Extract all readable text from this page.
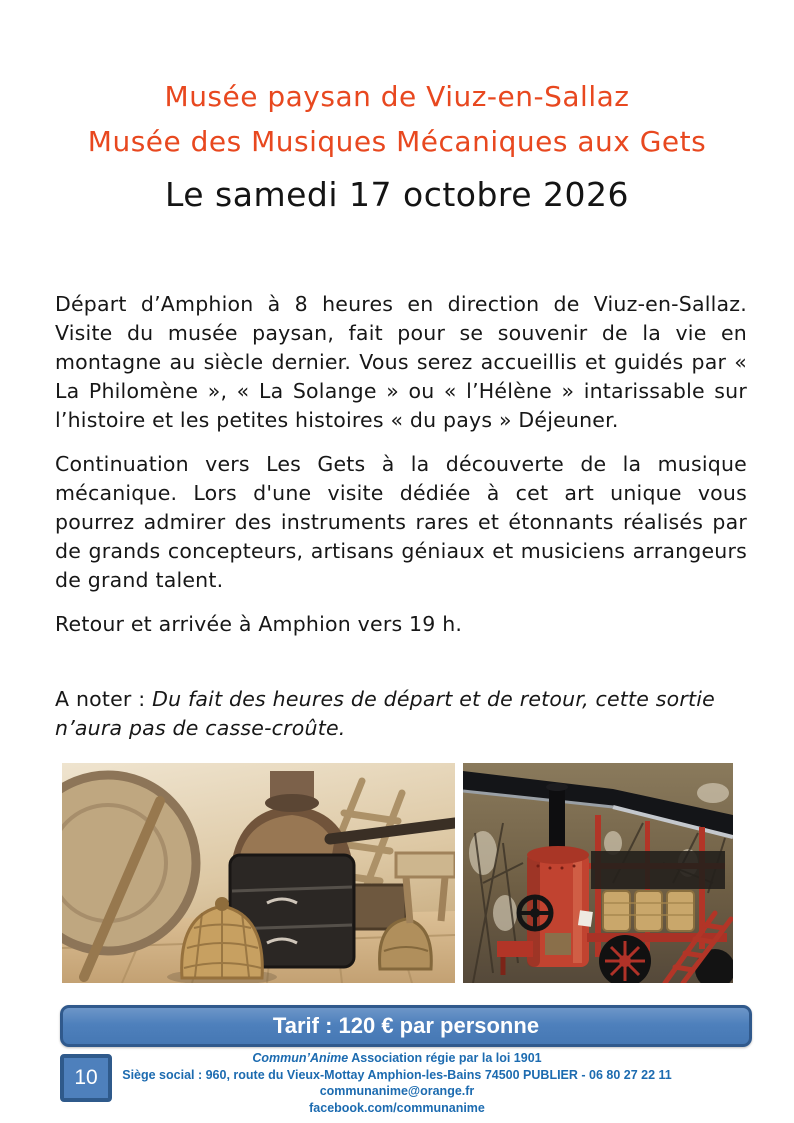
Musée paysan de Viuz-en-Sallaz
Musée des Musiques Mécaniques aux Gets
Le samedi 17 octobre 2026

Départ d’Amphion à 8 heures en direction de Viuz-en-Sallaz. Visite du musée paysan, fait pour se souvenir de la vie en montagne au siècle dernier. Vous serez accueillis et guidés par « La Philomène », « La Solange » ou « l’Hélène » intarissable sur l’histoire et les petites histoires « du pays » Déjeuner.

Continuation vers Les Gets à la découverte de la musique mécanique. Lors d'une visite dédiée à cet art unique vous pourrez admirer des instruments rares et étonnants réalisés par de grands concepteurs, artisans géniaux et musiciens arrangeurs de grand talent.

Retour et arrivée à Amphion vers 19 h.

A noter : Du fait des heures de départ et de retour, cette sortie n’aura pas de casse-croûte.

Tarif : 120 € par personne
10
Commun’Anime Association régie par la loi 1901
Siège social : 960, route du Vieux-Mottay Amphion-les-Bains 74500 PUBLIER - 06 80 27 22 11
communanime@orange.fr
facebook.com/communanime
